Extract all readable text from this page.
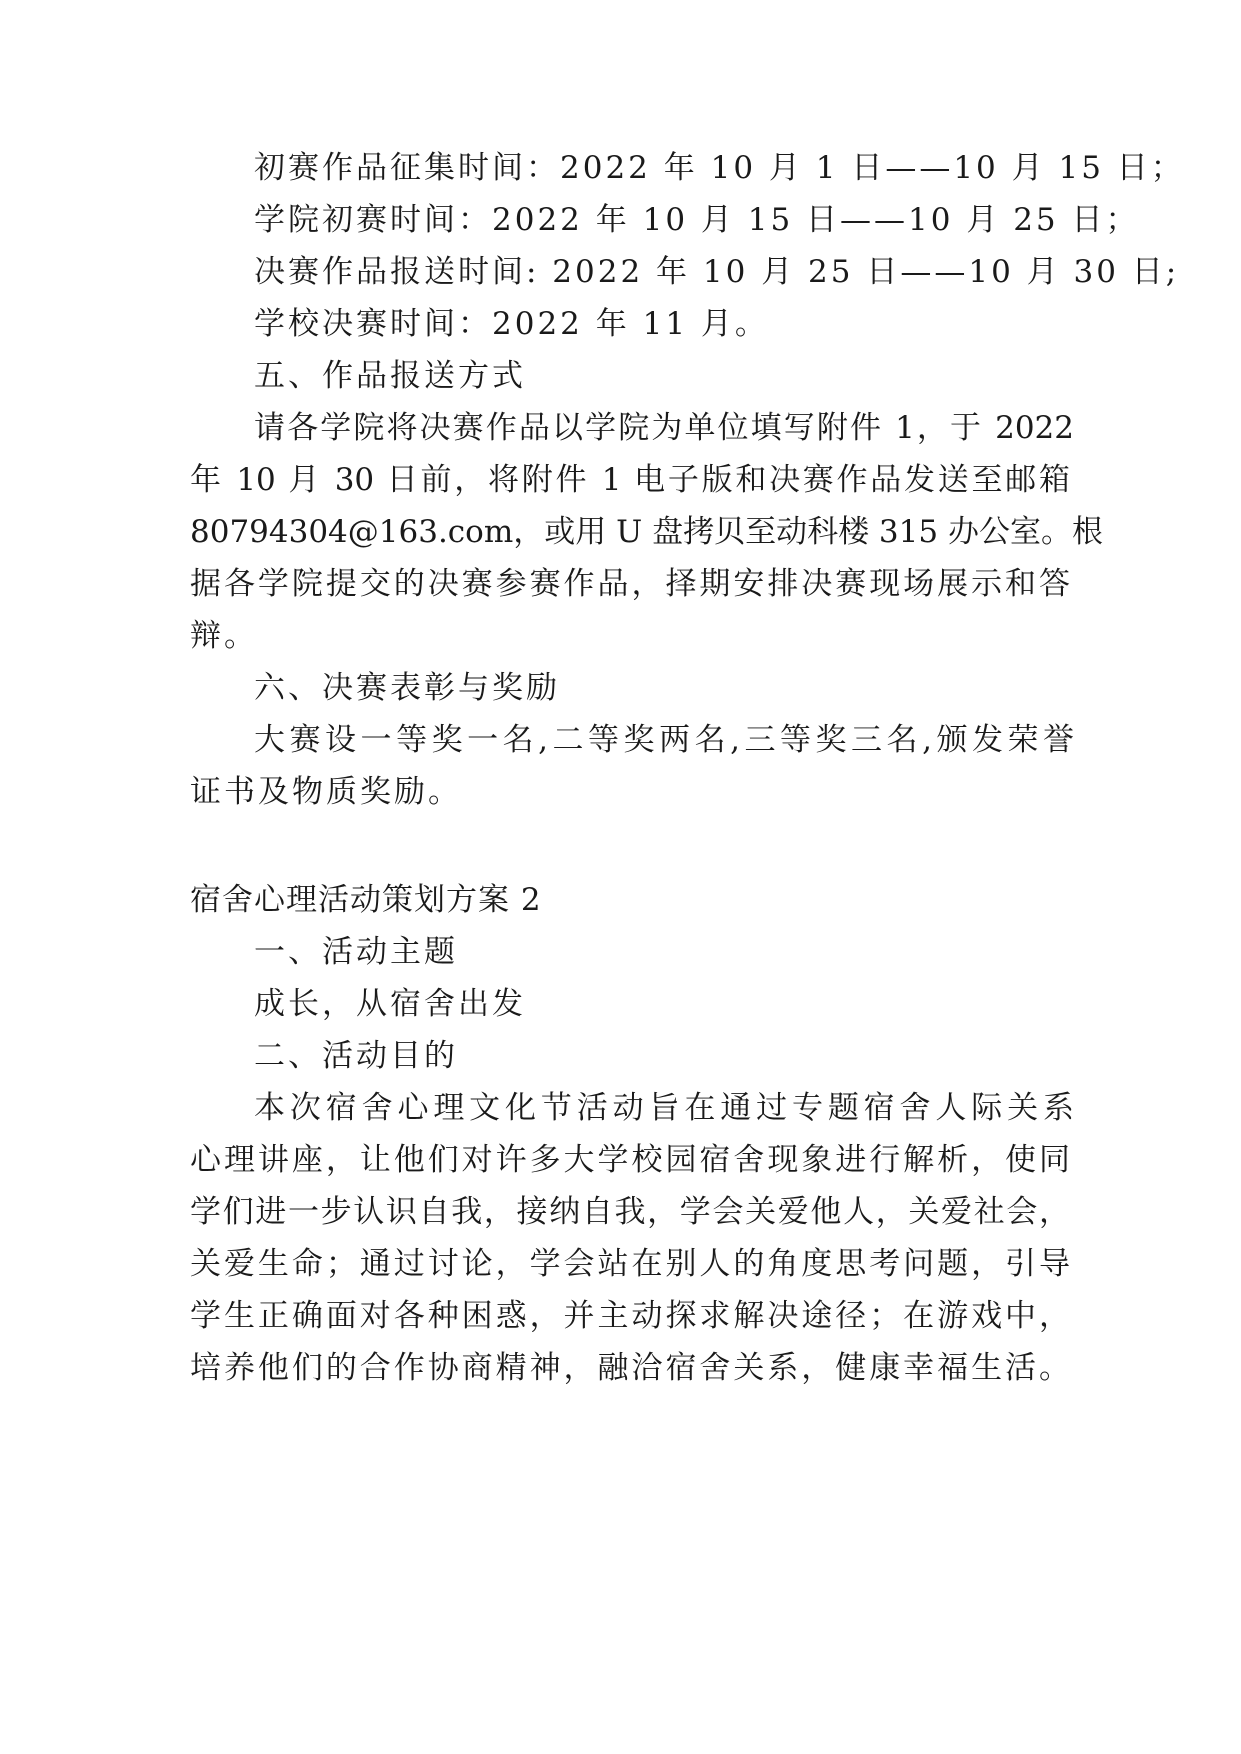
初赛作品征集时间：2022 年 10 月 1 日——10 月 15 日；
学院初赛时间：2022 年 10 月 15 日——10 月 25 日；
决赛作品报送时间: 2022 年 10 月 25 日——10 月 30 日;
学校决赛时间：2022 年 11 月。
五、作品报送方式
请各学院将决赛作品以学院为单位填写附件 1，于 2022
年 10 月 30 日前，将附件 1 电子版和决赛作品发送至邮箱
80794304@163.com，或用 U 盘拷贝至动科楼 315 办公室。根
据各学院提交的决赛参赛作品，择期安排决赛现场展示和答
辩。
六、决赛表彰与奖励
大赛设一等奖一名,二等奖两名,三等奖三名,颁发荣誉
证书及物质奖励。
宿舍心理活动策划方案 2
一、活动主题
成长，从宿舍出发
二、活动目的
本次宿舍心理文化节活动旨在通过专题宿舍人际关系
心理讲座，让他们对许多大学校园宿舍现象进行解析，使同
学们进一步认识自我，接纳自我，学会关爱他人，关爱社会，
关爱生命；通过讨论，学会站在别人的角度思考问题，引导
学生正确面对各种困惑，并主动探求解决途径；在游戏中，
培养他们的合作协商精神，融洽宿舍关系，健康幸福生活。
